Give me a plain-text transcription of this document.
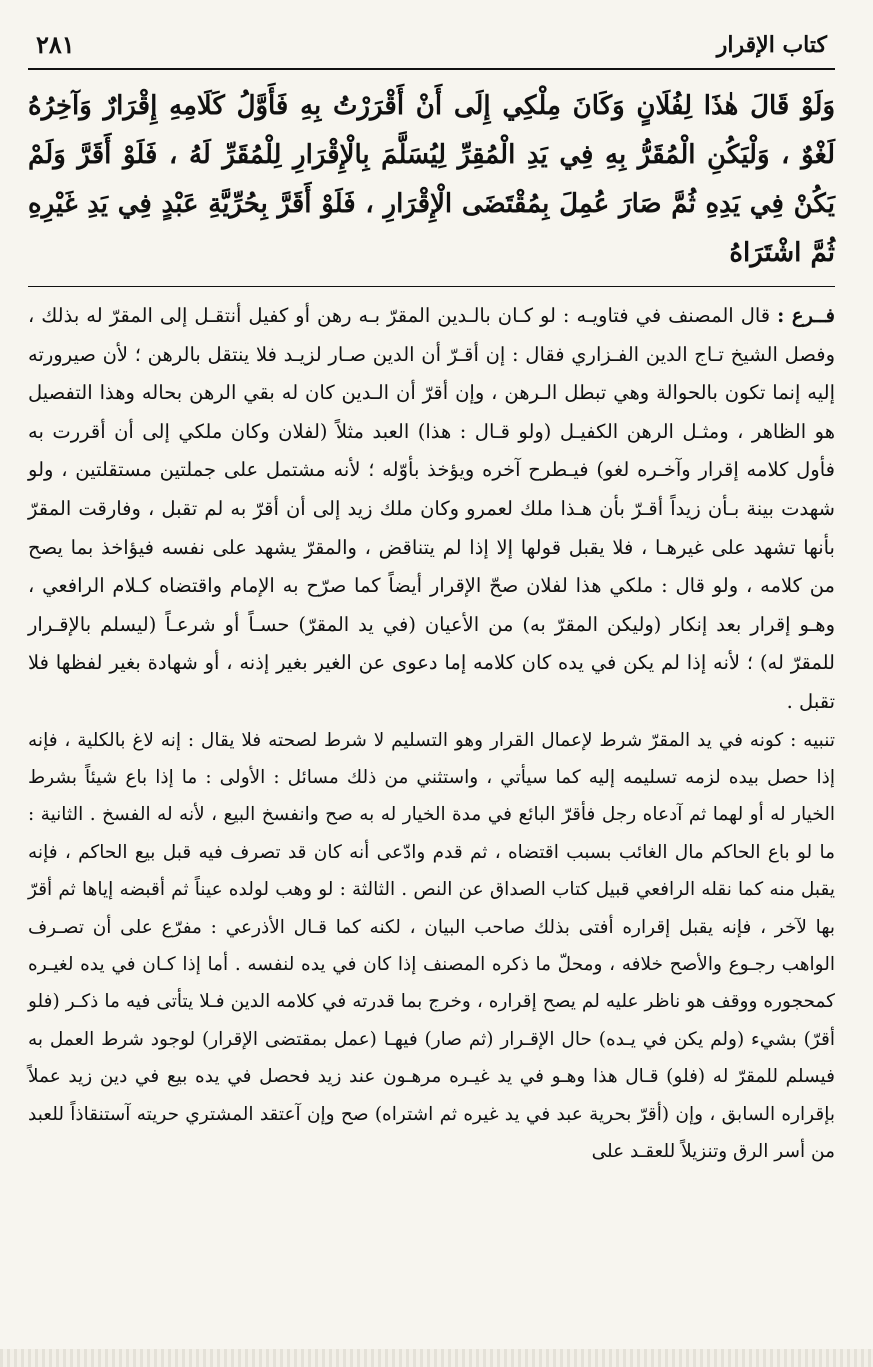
كتاب الإقرار
٢٨١

وَلَوْ قَالَ هٰذَا لِفُلَانٍ وَكَانَ مِلْكِي إِلَى أَنْ أَقْرَرْتُ بِهِ فَأَوَّلُ كَلَامِهِ إِقْرَارٌ وَآخِرُهُ لَغْوٌ ، وَلْيَكُنِ الْمُقَرُّ بِهِ فِي يَدِ الْمُقِرِّ لِيُسَلَّمَ بِالْإِقْرَارِ لِلْمُقَرِّ لَهُ ، فَلَوْ أَقَرَّ وَلَمْ يَكُنْ فِي يَدِهِ ثُمَّ صَارَ عُمِلَ بِمُقْتَضَى الْإِقْرَارِ ، فَلَوْ أَقَرَّ بِحُرِّيَّةِ عَبْدٍ فِي يَدِ غَيْرِهِ ثُمَّ اشْتَرَاهُ

فــرع : قال المصنف في فتاويـه : لو كـان بالـدين المقرّ بـه رهن أو كفيل أنتقـل إلى المقرّ له بذلك ، وفصل الشيخ تـاج الدين الفـزاري فقال : إن أقـرّ أن الدين صـار لزيـد فلا ينتقل بالرهن ؛ لأن صيرورته إليه إنما تكون بالحوالة وهي تبطل الـرهن ، وإن أقرّ أن الـدين كان له بقي الرهن بحاله وهذا التفصيل هو الظاهر ، ومثـل الرهن الكفيـل (ولو قـال : هذا) العبد مثلاً (لفلان وكان ملكي إلى أن أقررت به فأول كلامه إقرار وآخـره لغو) فيـطرح آخره ويؤخذ بأوّله ؛ لأنه مشتمل على جملتين مستقلتين ، ولو شهدت بينة بـأن زيداً أقـرّ بأن هـذا ملك لعمرو وكان ملك زيد إلى أن أقرّ به لم تقبل ، وفارقت المقرّ بأنها تشهد على غيرهـا ، فلا يقبل قولها إلا إذا لم يتناقض ، والمقرّ يشهد على نفسه فيؤاخذ بما يصح من كلامه ، ولو قال : ملكي هذا لفلان صحّ الإقرار أيضاً كما صرّح به الإمام واقتضاه كـلام الرافعي ، وهـو إقرار بعد إنكار (وليكن المقرّ به) من الأعيان (في يد المقرّ) حسـاً أو شرعـاً (ليسلم بالإقـرار للمقرّ له) ؛ لأنه إذا لم يكن في يده كان كلامه إما دعوى عن الغير بغير إذنه ، أو شهادة بغير لفظها فلا تقبل .

تنبيه : كونه في يد المقرّ شرط لإعمال القرار وهو التسليم لا شرط لصحته فلا يقال : إنه لاغ بالكلية ، فإنه إذا حصل بيده لزمه تسليمه إليه كما سيأتي ، واستثني من ذلك مسائل : الأولى : ما إذا باع شيئاً بشرط الخيار له أو لهما ثم آدعاه رجل فأقرّ البائع في مدة الخيار له به صح وانفسخ البيع ، لأنه له الفسخ . الثانية : ما لو باع الحاكم مال الغائب بسبب اقتضاه ، ثم قدم وادّعى أنه كان قد تصرف فيه قبل بيع الحاكم ، فإنه يقبل منه كما نقله الرافعي قبيل كتاب الصداق عن النص . الثالثة : لو وهب لولده عيناً ثم أقبضه إياها ثم أقرّ بها لآخر ، فإنه يقبل إقراره أفتى بذلك صاحب البيان ، لكنه كما قـال الأذرعي : مفرّع على أن تصـرف الواهب رجـوع والأصح خلافه ، ومحلّ ما ذكره المصنف إذا كان في يده لنفسه . أما إذا كـان في يده لغيـره كمحجوره ووقف هو ناظر عليه لم يصح إقراره ، وخرج بما قدرته في كلامه الدين فـلا يتأتى فيه ما ذكـر (فلو أقرّ) بشيء (ولم يكن في يـده) حال الإقـرار (ثم صار) فيهـا (عمل بمقتضى الإقرار) لوجود شرط العمل به فيسلم للمقرّ له (فلو) قـال هذا وهـو في يد غيـره مرهـون عند زيد فحصل في يده بيع في دين زيد عملاً بإقراره السابق ، وإن (أقرّ بحرية عبد في يد غيره ثم اشتراه) صح وإن آعتقد المشتري حريته آستنقاذاً للعبد من أسر الرق وتنزيلاً للعقـد على
